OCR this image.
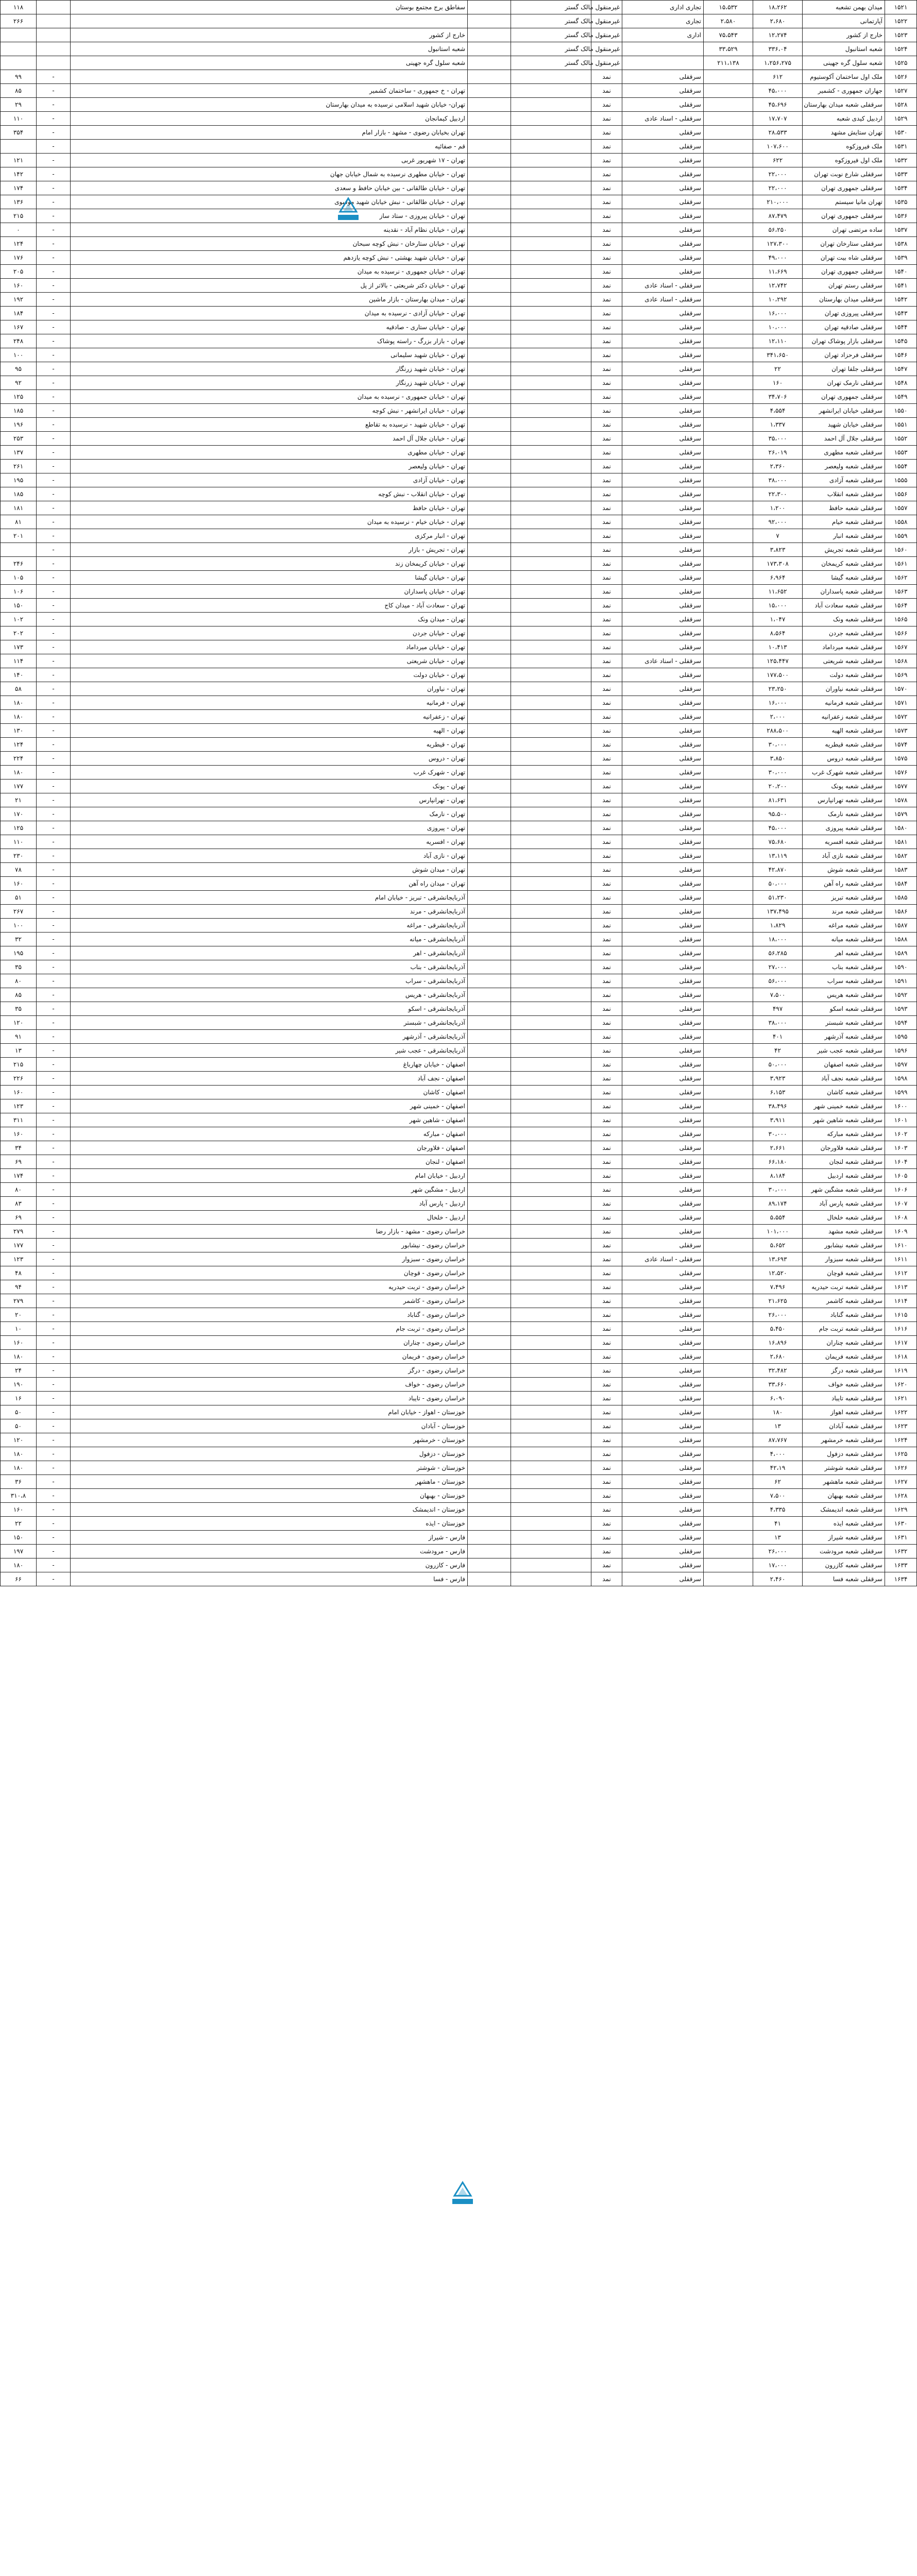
۱۵۲۱	میدان بهمن تشعبه	۱۸،۲۶۲	۱۵،۵۳۲	تجاری اداری	غیرمنقول مالک گستر			سفاطق برج مجتمع بوستان		۱۱۸
۱۵۲۲	آپارتمانی	۲،۶۸۰	۲،۵۸۰	تجاری	غیرمنقول مالک گستر					۲۶۶
۱۵۲۳	خارج از کشور	۱۲،۲۷۴	۷۵،۵۴۳	اداری	غیرمنقول مالک گستر			خارج از کشور		
۱۵۲۴	شعبه استانبول	۳۳۶،۰۴	۳۳،۵۲۹		غیرمنقول مالک گستر			شعبه استانبول		
۱۵۲۵	شعبه سلول گره جهینی	۱،۲۵۶،۲۷۵	۲۱۱،۱۳۸		غیرمنقول مالک گستر			شعبه سلول گره جهینی		
۱۵۲۶	ملک اول ساختمان آکوستیوم	۶۱۲		سرقفلی	نمد				-	۹۹
۱۵۲۷	جهاران جمهوری - کشمیر	۴۵،۰۰۰		سرقفلی	نمد			تهران - خ جمهوری - ساختمان کشمیر	-	۸۵
۱۵۲۸	سرقفلی شعبه میدان بهارستان	۴۵،۶۹۶		سرقفلی	نمد			تهران- خیابان شهید اسلامی نرسیده به میدان بهارستان	-	۲۹
۱۵۲۹	اردبیل کیدی شعبه	۱۷،۷۰۷		سرقفلی - اسناد عادی	نمد			اردبیل کیمانجان	-	۱۱۰
۱۵۳۰	تهران ستایش مشهد	۲۸،۵۳۳		سرقفلی	نمد			تهران بخیابان رضوی - مشهد - بازار امام	-	۳۵۴
۱۵۳۱	ملک فیروزکوه	۱۰۷،۶۰۰		سرقفلی	نمد			قم - صفائیه	-	
۱۵۳۲	ملک اول فیروزکوه	۶۲۲		سرقفلی	نمد			تهران - ۱۷ شهریور غربی	-	۱۲۱
۱۵۳۳	سرقفلی شارع نوبت تهران	۲۲،۰۰۰		سرقفلی	نمد			تهران - خیابان مطهری نرسیده به شمال خیابان جهان	-	۱۴۲
۱۵۳۴	سرقفلی جمهوری تهران	۲۲،۰۰۰		سرقفلی	نمد			تهران - خیابان طالقانی - بین خیابان حافظ و سعدی	-	۱۷۴
۱۵۳۵	تهران مانیا سیستم	۲۱۰،۰۰۰		سرقفلی	نمد			تهران - خیابان طالقانی - نبش خیابان شهید موسوی	-	۱۳۶
۱۵۳۶	سرقفلی جمهوری تهران	۸۷،۴۷۹		سرقفلی	نمد			تهران - خیابان پیروزی - ستاد ساز	-	۲۱۵
۱۵۳۷	ساده مرتضی تهران	۵۶،۲۵۰		سرقفلی	نمد			تهران - خیابان نظام آباد - نقدینه	-	۰
۱۵۳۸	سرقفلی ستارخان تهران	۱۲۷،۳۰۰		سرقفلی	نمد			تهران - خیابان ستارخان - نبش کوچه سبحان	-	۱۲۴
۱۵۳۹	سرقفلی شاه بیت تهران	۴۹،۰۰۰		سرقفلی	نمد			تهران - خیابان شهید بهشتی - نبش کوچه یازدهم	-	۱۷۶
۱۵۴۰	سرقفلی جمهوری تهران	۱۱،۶۶۹		سرقفلی	نمد			تهران - خیابان جمهوری - نرسیده به میدان	-	۲۰۵
۱۵۴۱	سرقفلی رستم تهران	۱۲،۷۴۲		سرقفلی - اسناد عادی	نمد			تهران - خیابان دکتر شریعتی - بالاتر از پل	-	۱۶۰
۱۵۴۲	سرقفلی میدان بهارستان	۱۰،۲۹۲		سرقفلی - اسناد عادی	نمد			تهران - میدان بهارستان - بازار ماشین	-	۱۹۲
۱۵۴۳	سرقفلی پیروزی تهران	۱۶،۰۰۰		سرقفلی	نمد			تهران - خیابان آزادی - نرسیده به میدان	-	۱۸۴
۱۵۴۴	سرقفلی صادقیه تهران	۱۰،۰۰۰		سرقفلی	نمد			تهران - خیابان ستاری - صادقیه	-	۱۶۷
۱۵۴۵	سرقفلی بازار پوشاک تهران	۱۲،۱۱۰		سرقفلی	نمد			تهران - بازار بزرگ - راسته پوشاک	-	۲۴۸
۱۵۴۶	سرقفلی فرحزاد تهران	۳۴۱،۶۵۰		سرقفلی	نمد			تهران - خیابان شهید سلیمانی	-	۱۰۰
۱۵۴۷	سرقفلی جلفا تهران	۲۲		سرقفلی	نمد			تهران - خیابان شهید زرنگار	-	۹۵
۱۵۴۸	سرقفلی نارمک تهران	۱۶۰		سرقفلی	نمد			تهران - خیابان شهید زرنگار	-	۹۲
۱۵۴۹	سرقفلی جمهوری تهران	۳۴،۷۰۶		سرقفلی	نمد			تهران - خیابان جمهوری - نرسیده به میدان	-	۱۲۵
۱۵۵۰	سرقفلی خیابان ایرانشهر	۴،۵۵۴		سرقفلی	نمد			تهران - خیابان ایرانشهر - نبش کوچه	-	۱۸۵
۱۵۵۱	سرقفلی خیابان شهید	۱،۳۳۷		سرقفلی	نمد			تهران - خیابان شهید - نرسیده به تقاطع	-	۱۹۶
۱۵۵۲	سرقفلی جلال آل احمد	۳۵،۰۰۰		سرقفلی	نمد			تهران - خیابان جلال آل احمد	-	۲۵۳
۱۵۵۳	سرقفلی شعبه مطهری	۲۶،۰۱۹		سرقفلی	نمد			تهران - خیابان مطهری	-	۱۳۷
۱۵۵۴	سرقفلی شعبه ولیعصر	۲،۳۶۰		سرقفلی	نمد			تهران - خیابان ولیعصر	-	۲۶۱
۱۵۵۵	سرقفلی شعبه آزادی	۳۸،۰۰۰		سرقفلی	نمد			تهران - خیابان آزادی	-	۱۹۵
۱۵۵۶	سرقفلی شعبه انقلاب	۲۲،۳۰۰		سرقفلی	نمد			تهران - خیابان انقلاب - نبش کوچه	-	۱۸۵
۱۵۵۷	سرقفلی شعبه حافظ	۱،۲۰۰		سرقفلی	نمد			تهران - خیابان حافظ	-	۱۸۱
۱۵۵۸	سرقفلی شعبه خیام	۹۲،۰۰۰		سرقفلی	نمد			تهران - خیابان خیام - نرسیده به میدان	-	۸۱
۱۵۵۹	سرقفلی شعبه انبار	۷		سرقفلی	نمد			تهران - انبار مرکزی	-	۲۰۱
۱۵۶۰	سرقفلی شعبه تجریش	۳،۸۲۳		سرقفلی	نمد			تهران - تجریش - بازار	-	
۱۵۶۱	سرقفلی شعبه کریمخان	۱۷۳،۳۰۸		سرقفلی	نمد			تهران - خیابان کریمخان زند	-	۲۴۶
۱۵۶۲	سرقفلی شعبه گیشا	۶،۹۶۴		سرقفلی	نمد			تهران - خیابان گیشا	-	۱۰۵
۱۵۶۳	سرقفلی شعبه پاسداران	۱۱،۶۵۲		سرقفلی	نمد			تهران - خیابان پاسداران	-	۱۰۶
۱۵۶۴	سرقفلی شعبه سعادت آباد	۱۵،۰۰۰		سرقفلی	نمد			تهران - سعادت آباد - میدان کاج	-	۱۵۰
۱۵۶۵	سرقفلی شعبه ونک	۱،۰۴۷		سرقفلی	نمد			تهران - میدان ونک	-	۱۰۲
۱۵۶۶	سرقفلی شعبه جردن	۸،۵۶۴		سرقفلی	نمد			تهران - خیابان جردن	-	۲۰۲
۱۵۶۷	سرقفلی شعبه میرداماد	۱۰،۴۱۳		سرقفلی	نمد			تهران - خیابان میرداماد	-	۱۷۳
۱۵۶۸	سرقفلی شعبه شریعتی	۱۲۵،۴۴۷		سرقفلی - اسناد عادی	نمد			تهران - خیابان شریعتی	-	۱۱۴
۱۵۶۹	سرقفلی شعبه دولت	۱۷۷،۵۰۰		سرقفلی	نمد			تهران - خیابان دولت	-	۱۴۰
۱۵۷۰	سرقفلی شعبه نیاوران	۲۳،۲۵۰		سرقفلی	نمد			تهران - نیاوران	-	۵۸
۱۵۷۱	سرقفلی شعبه فرمانیه	۱۶،۰۰۰		سرقفلی	نمد			تهران - فرمانیه	-	۱۸۰
۱۵۷۲	سرقفلی شعبه زعفرانیه	۲،۰۰۰		سرقفلی	نمد			تهران - زعفرانیه	-	۱۸۰
۱۵۷۳	سرقفلی شعبه الهیه	۲۸۸،۵۰۰		سرقفلی	نمد			تهران - الهیه	-	۱۳۰
۱۵۷۴	سرقفلی شعبه قیطریه	۳۰،۰۰۰		سرقفلی	نمد			تهران - قیطریه	-	۱۲۴
۱۵۷۵	سرقفلی شعبه دروس	۳،۸۵۰		سرقفلی	نمد			تهران - دروس	-	۲۲۴
۱۵۷۶	سرقفلی شعبه شهرک غرب	۳۰،۰۰۰		سرقفلی	نمد			تهران - شهرک غرب	-	۱۸۰
۱۵۷۷	سرقفلی شعبه پونک	۲۰،۲۰۰		سرقفلی	نمد			تهران - پونک	-	۱۷۷
۱۵۷۸	سرقفلی شعبه تهرانپارس	۸۱،۶۳۱		سرقفلی	نمد			تهران - تهرانپارس	-	۲۱
۱۵۷۹	سرقفلی شعبه نارمک	۹۵،۵۰۰		سرقفلی	نمد			تهران - نارمک	-	۱۷۰
۱۵۸۰	سرقفلی شعبه پیروزی	۴۵،۰۰۰		سرقفلی	نمد			تهران - پیروزی	-	۱۲۵
۱۵۸۱	سرقفلی شعبه افسریه	۷۵،۶۸۰		سرقفلی	نمد			تهران - افسریه	-	۱۱۰
۱۵۸۲	سرقفلی شعبه نازی آباد	۱۳،۱۱۹		سرقفلی	نمد			تهران - نازی آباد	-	۲۳۰
۱۵۸۳	سرقفلی شعبه شوش	۴۲،۸۷۰		سرقفلی	نمد			تهران - میدان شوش	-	۷۸
۱۵۸۴	سرقفلی شعبه راه آهن	۵۰،۰۰۰		سرقفلی	نمد			تهران - میدان راه آهن	-	۱۶۰
۱۵۸۵	سرقفلی شعبه تبریز	۵۱،۲۳۰		سرقفلی	نمد			آذربایجانشرقی - تبریز - خیابان امام	-	۵۱
۱۵۸۶	سرقفلی شعبه مرند	۱۳۷،۴۹۵		سرقفلی	نمد			آذربایجانشرقی - مرند	-	۲۶۷
۱۵۸۷	سرقفلی شعبه مراغه	۱،۸۲۹		سرقفلی	نمد			آذربایجانشرقی - مراغه	-	۱۰۰
۱۵۸۸	سرقفلی شعبه میانه	۱۸،۰۰۰		سرقفلی	نمد			آذربایجانشرقی - میانه	-	۳۲
۱۵۸۹	سرقفلی شعبه اهر	۵۶،۲۸۵		سرقفلی	نمد			آذربایجانشرقی - اهر	-	۱۹۵
۱۵۹۰	سرقفلی شعبه بناب	۲۷،۰۰۰		سرقفلی	نمد			آذربایجانشرقی - بناب	-	۳۵
۱۵۹۱	سرقفلی شعبه سراب	۵۶،۰۰۰		سرقفلی	نمد			آذربایجانشرقی - سراب	-	۸۰
۱۵۹۲	سرقفلی شعبه هریس	۷،۵۰۰		سرقفلی	نمد			آذربایجانشرقی - هریس	-	۸۵
۱۵۹۳	سرقفلی شعبه اسکو	۴۹۷		سرقفلی	نمد			آذربایجانشرقی - اسکو	-	۳۵
۱۵۹۴	سرقفلی شعبه شبستر	۳۸،۰۰۰		سرقفلی	نمد			آذربایجانشرقی - شبستر	-	۱۲۰
۱۵۹۵	سرقفلی شعبه آذرشهر	۴۰۱		سرقفلی	نمد			آذربایجانشرقی - آذرشهر	-	۹۱
۱۵۹۶	سرقفلی شعبه عجب شیر	۴۲		سرقفلی	نمد			آذربایجانشرقی - عجب شیر	-	۱۳
۱۵۹۷	سرقفلی شعبه اصفهان	۵۰،۰۰۰		سرقفلی	نمد			اصفهان - خیابان چهارباغ	-	۲۱۵
۱۵۹۸	سرقفلی شعبه نجف آباد	۳،۹۲۳		سرقفلی	نمد			اصفهان - نجف آباد	-	۲۲۶
۱۵۹۹	سرقفلی شعبه کاشان	۶،۱۵۳		سرقفلی	نمد			اصفهان - کاشان	-	۱۶۰
۱۶۰۰	سرقفلی شعبه خمینی شهر	۳۸،۴۹۶		سرقفلی	نمد			اصفهان - خمینی شهر	-	۱۲۳
۱۶۰۱	سرقفلی شعبه شاهین شهر	۳،۹۱۱		سرقفلی	نمد			اصفهان - شاهین شهر	-	۳۱۱
۱۶۰۲	سرقفلی شعبه مبارکه	۳۰،۰۰۰		سرقفلی	نمد			اصفهان - مبارکه	-	۱۶۰
۱۶۰۳	سرقفلی شعبه فلاورجان	۲،۶۶۱		سرقفلی	نمد			اصفهان - فلاورجان	-	۳۴
۱۶۰۴	سرقفلی شعبه لنجان	۶۶،۱۸۰		سرقفلی	نمد			اصفهان - لنجان	-	۶۹
۱۶۰۵	سرقفلی شعبه اردبیل	۸،۱۸۴		سرقفلی	نمد			اردبیل - خیابان امام	-	۱۷۴
۱۶۰۶	سرقفلی شعبه مشگین شهر	۳۰،۰۰۰		سرقفلی	نمد			اردبیل - مشگین شهر	-	۸۰
۱۶۰۷	سرقفلی شعبه پارس آباد	۸۹،۱۷۴		سرقفلی	نمد			اردبیل - پارس آباد	-	۸۳
۱۶۰۸	سرقفلی شعبه خلخال	۵،۵۵۴		سرقفلی	نمد			اردبیل - خلخال	-	۶۹
۱۶۰۹	سرقفلی شعبه مشهد	۱۰۱،۰۰۰		سرقفلی	نمد			خراسان رضوی - مشهد - بازار رضا	-	۲۷۹
۱۶۱۰	سرقفلی شعبه نیشابور	۵،۶۵۲		سرقفلی	نمد			خراسان رضوی - نیشابور	-	۱۷۷
۱۶۱۱	سرقفلی شعبه سبزوار	۱۳،۶۹۳		سرقفلی - اسناد عادی	نمد			خراسان رضوی - سبزوار	-	۱۲۳
۱۶۱۲	سرقفلی شعبه قوچان	۱۲،۵۲۰		سرقفلی	نمد			خراسان رضوی - قوچان	-	۴۸
۱۶۱۳	سرقفلی شعبه تربت حیدریه	۷،۴۹۶		سرقفلی	نمد			خراسان رضوی - تربت حیدریه	-	۹۴
۱۶۱۴	سرقفلی شعبه کاشمر	۲۱،۶۲۵		سرقفلی	نمد			خراسان رضوی - کاشمر	-	۲۷۹
۱۶۱۵	سرقفلی شعبه گناباد	۲۶،۰۰۰		سرقفلی	نمد			خراسان رضوی - گناباد	-	۲۰
۱۶۱۶	سرقفلی شعبه تربت جام	۵،۴۵۰		سرقفلی	نمد			خراسان رضوی - تربت جام	-	۱۰
۱۶۱۷	سرقفلی شعبه چناران	۱۶،۸۹۶		سرقفلی	نمد			خراسان رضوی - چناران	-	۱۶۰
۱۶۱۸	سرقفلی شعبه فریمان	۲،۶۸۰		سرقفلی	نمد			خراسان رضوی - فریمان	-	۱۸۰
۱۶۱۹	سرقفلی شعبه درگز	۳۲،۴۸۲		سرقفلی	نمد			خراسان رضوی - درگز	-	۲۴
۱۶۲۰	سرقفلی شعبه خواف	۳۳،۶۶۰		سرقفلی	نمد			خراسان رضوی - خواف	-	۱۹۰
۱۶۲۱	سرقفلی شعبه تایباد	۶،۰۹۰		سرقفلی	نمد			خراسان رضوی - تایباد	-	۱۶
۱۶۲۲	سرقفلی شعبه اهواز	۱۸۰		سرقفلی	نمد			خوزستان - اهواز - خیابان امام	-	۵۰
۱۶۲۳	سرقفلی شعبه آبادان	۱۳		سرقفلی	نمد			خوزستان - آبادان	-	۵۰
۱۶۲۴	سرقفلی شعبه خرمشهر	۸۷،۷۶۷		سرقفلی	نمد			خوزستان - خرمشهر	-	۱۲۰
۱۶۲۵	سرقفلی شعبه دزفول	۴،۰۰۰		سرقفلی	نمد			خوزستان - دزفول	-	۱۸۰
۱۶۲۶	سرقفلی شعبه شوشتر	۴۲،۱۹		سرقفلی	نمد			خوزستان - شوشتر	-	۱۸۰
۱۶۲۷	سرقفلی شعبه ماهشهر	۶۲		سرقفلی	نمد			خوزستان - ماهشهر	-	۳۶
۱۶۲۸	سرقفلی شعبه بهبهان	۷،۵۰۰		سرقفلی	نمد			خوزستان - بهبهان	-	۳۱۰،۸
۱۶۲۹	سرقفلی شعبه اندیمشک	۴،۳۳۵		سرقفلی	نمد			خوزستان - اندیمشک	-	۱۶۰
۱۶۳۰	سرقفلی شعبه ایذه	۴۱		سرقفلی	نمد			خوزستان - ایذه	-	۲۲
۱۶۳۱	سرقفلی شعبه شیراز	۱۳		سرقفلی	نمد			فارس - شیراز	-	۱۵۰
۱۶۳۲	سرقفلی شعبه مرودشت	۲۶،۰۰۰		سرقفلی	نمد			فارس - مرودشت	-	۱۹۷
۱۶۳۳	سرقفلی شعبه کازرون	۱۷،۰۰۰		سرقفلی	نمد			فارس - کازرون	-	۱۸۰
۱۶۳۴	سرقفلی شعبه فسا	۲،۴۶۰		سرقفلی	نمد			فارس - فسا	-	۶۶
